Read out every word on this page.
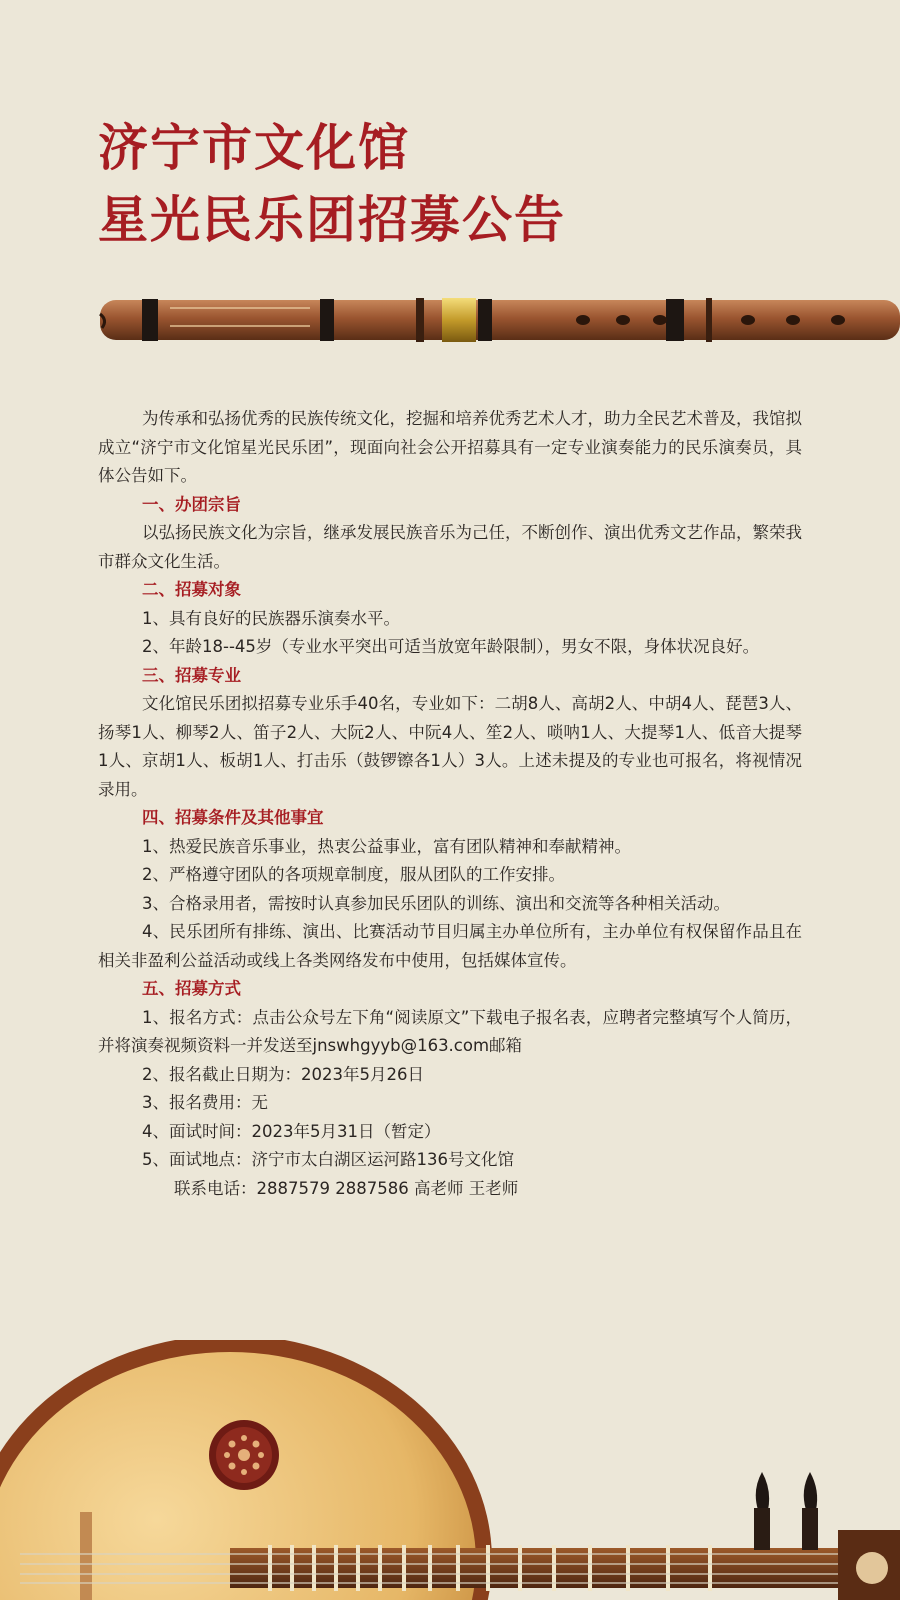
济宁市文化馆
星光民乐团招募公告

为传承和弘扬优秀的民族传统文化，挖掘和培养优秀艺术人才，助力全民艺术普及，我馆拟成立“济宁市文化馆星光民乐团”，现面向社会公开招募具有一定专业演奏能力的民乐演奏员，具体公告如下。

一、办团宗旨

以弘扬民族文化为宗旨，继承发展民族音乐为己任，不断创作、演出优秀文艺作品，繁荣我市群众文化生活。

二、招募对象

1、具有良好的民族器乐演奏水平。

2、年龄18--45岁（专业水平突出可适当放宽年龄限制），男女不限，身体状况良好。

三、招募专业

文化馆民乐团拟招募专业乐手40名，专业如下：二胡8人、高胡2人、中胡4人、琵琶3人、扬琴1人、柳琴2人、笛子2人、大阮2人、中阮4人、笙2人、唢呐1人、大提琴1人、低音大提琴1人、京胡1人、板胡1人、打击乐（鼓锣镲各1人）3人。上述未提及的专业也可报名，将视情况录用。

四、招募条件及其他事宜

1、热爱民族音乐事业，热衷公益事业，富有团队精神和奉献精神。

2、严格遵守团队的各项规章制度，服从团队的工作安排。

3、合格录用者，需按时认真参加民乐团队的训练、演出和交流等各种相关活动。

4、民乐团所有排练、演出、比赛活动节目归属主办单位所有，主办单位有权保留作品且在相关非盈利公益活动或线上各类网络发布中使用，包括媒体宣传。

五、招募方式

1、报名方式：点击公众号左下角“阅读原文”下载电子报名表，应聘者完整填写个人简历，并将演奏视频资料一并发送至jnswhgyyb@163.com邮箱

2、报名截止日期为：2023年5月26日

3、报名费用：无

4、面试时间：2023年5月31日（暂定）

5、面试地点：济宁市太白湖区运河路136号文化馆

联系电话：2887579 2887586 高老师 王老师
